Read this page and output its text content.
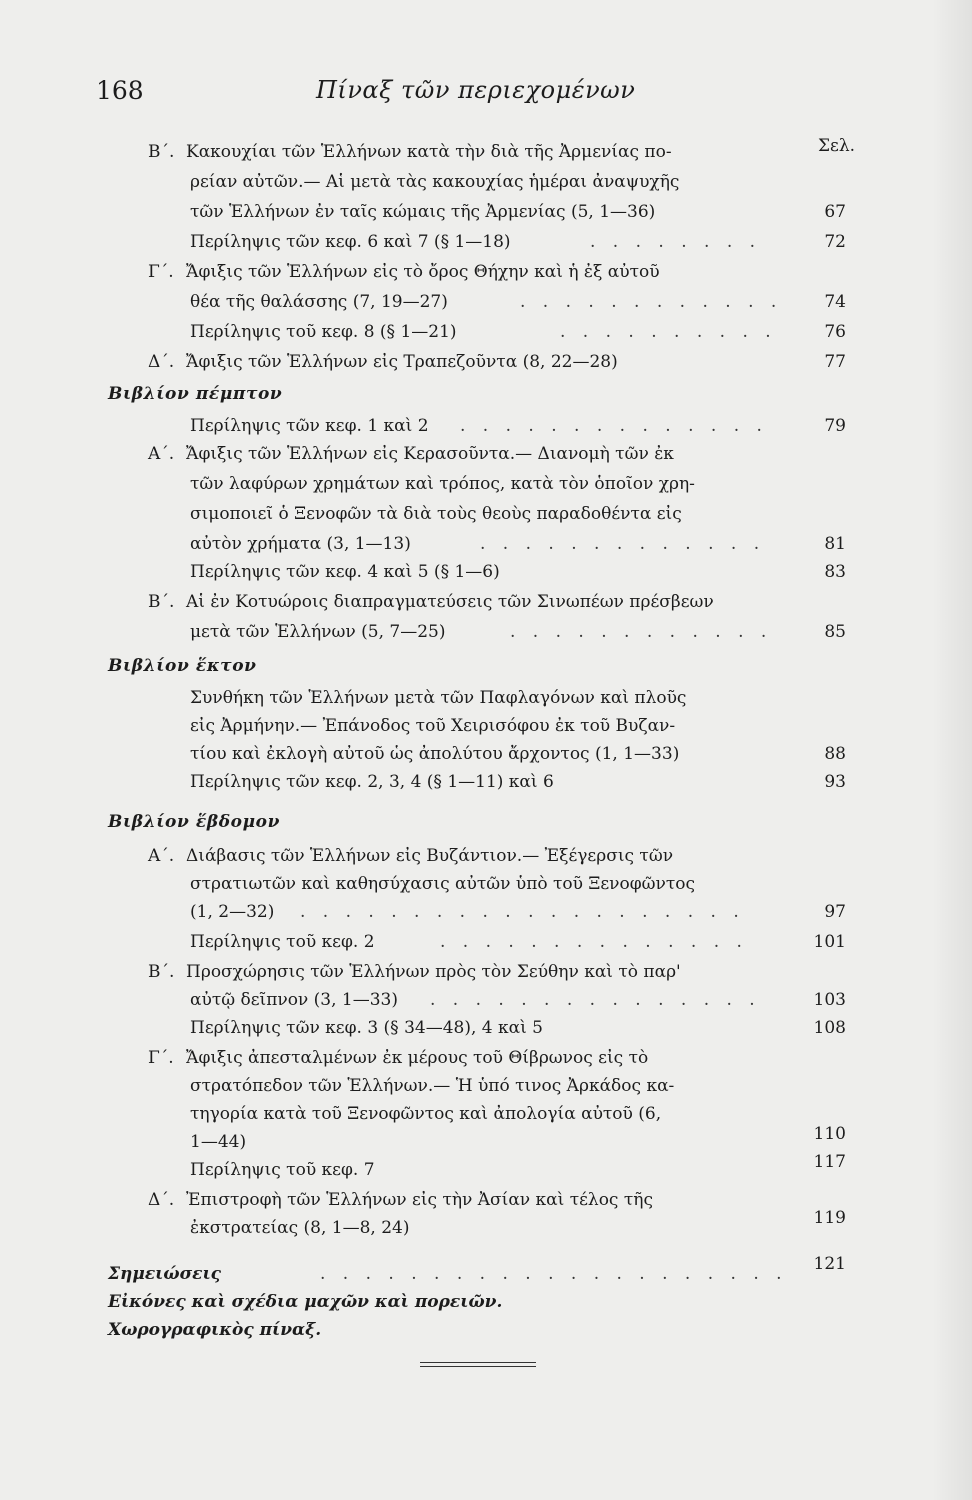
168	Πίναξ τῶν περιεχομένων
Σελ.
Β΄. Κακουχίαι τῶν Ἑλλήνων κατὰ τὴν διὰ τῆς Ἀρμενίας πο-
ρείαν αὐτῶν.— Αἱ μετὰ τὰς κακουχίας ἡμέραι ἀναψυχῆς
τῶν Ἑλλήνων ἐν ταῖς κώμαις τῆς Ἀρμενίας (5, 1—36)	67
Περίληψις τῶν κεφ. 6 καὶ 7 (§ 1—18)	. . . . . . . .	72
Γ΄. Ἄφιξις τῶν Ἑλλήνων εἰς τὸ ὄρος Θήχην καὶ ἡ ἐξ αὐτοῦ
θέα τῆς θαλάσσης (7, 19—27)	. . . . . . . . . . . .	74
Περίληψις τοῦ κεφ. 8 (§ 1—21)	. . . . . . . . . .	76
Δ΄. Ἄφιξις τῶν Ἑλλήνων εἰς Τραπεζοῦντα (8, 22—28)	77
Βιβλίον πέμπτον
Περίληψις τῶν κεφ. 1 καὶ 2 . . . . . . . . . . . . . .	79
Α΄. Ἄφιξις τῶν Ἑλλήνων εἰς Κερασοῦντα.— Διανομὴ τῶν ἐκ
τῶν λαφύρων χρημάτων καὶ τρόπος, κατὰ τὸν ὁποῖον χρη-
σιμοποιεῖ ὁ Ξενοφῶν τὰ διὰ τοὺς θεοὺς παραδοθέντα εἰς
αὐτὸν χρήματα (3, 1—13)	. . . . . . . . . . . . .	81
Περίληψις τῶν κεφ. 4 καὶ 5 (§ 1—6)	83
Β΄. Αἱ ἐν Κοτυώροις διαπραγματεύσεις τῶν Σινωπέων πρέσβεων
μετὰ τῶν Ἑλλήνων (5, 7—25)	. . . . . . . . . . . .	85
Βιβλίον ἕκτον
Συνθήκη τῶν Ἑλλήνων μετὰ τῶν Παφλαγόνων καὶ πλοῦς
εἰς Ἀρμήνην.— Ἐπάνοδος τοῦ Χειρισόφου ἐκ τοῦ Βυζαν-
τίου καὶ ἐκλογὴ αὐτοῦ ὡς ἀπολύτου ἄρχοντος (1, 1—33)	88
Περίληψις τῶν κεφ. 2, 3, 4 (§ 1—11) καὶ 6	93
Βιβλίον ἕβδομον
Α΄. Διάβασις τῶν Ἑλλήνων εἰς Βυζάντιον.— Ἐξέγερσις τῶν
στρατιωτῶν καὶ καθησύχασις αὐτῶν ὑπὸ τοῦ Ξενοφῶντος
(1, 2—32) . . . . . . . . . . . . . . . . . . . .	97
Περίληψις τοῦ κεφ. 2	. . . . . . . . . . . . . .	101
Β΄. Προσχώρησις τῶν Ἑλλήνων πρὸς τὸν Σεύθην καὶ τὸ παρ'
αὐτῷ δεῖπνον (3, 1—33) . . . . . . . . . . . . . . .	103
Περίληψις τῶν κεφ. 3 (§ 34—48), 4 καὶ 5	108
Γ΄. Ἄφιξις ἀπεσταλμένων ἐκ μέρους τοῦ Θίβρωνος εἰς τὸ
στρατόπεδον τῶν Ἑλλήνων.— Ἡ ὑπό τινος Ἀρκάδος κα-
τηγορία κατὰ τοῦ Ξενοφῶντος καὶ ἀπολογία αὐτοῦ (6,
1—44)	110
Περίληψις τοῦ κεφ. 7	117
Δ΄. Ἐπιστροφὴ τῶν Ἑλλήνων εἰς τὴν Ἀσίαν καὶ τέλος τῆς
ἐκστρατείας (8, 1—8, 24)	119
Σημειώσεις	. . . . . . . . . . . . . . . . . . . . .	121
Εἰκόνες καὶ σχέδια μαχῶν καὶ πορειῶν.
Χωρογραφικὸς πίναξ.
